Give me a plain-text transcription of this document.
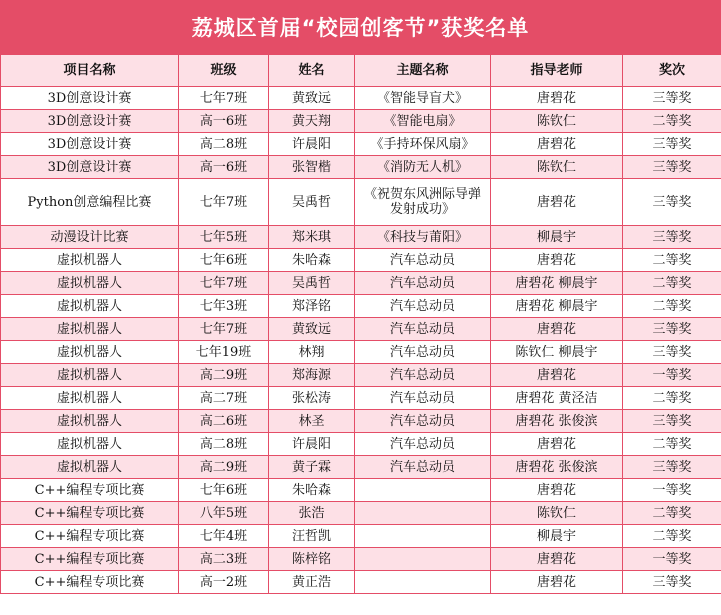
荔城区首届“校园创客节”获奖名单
项目名称	班级	姓名	主题名称	指导老师	奖次
3D创意设计赛	七年7班	黄致远	《智能导盲犬》	唐碧花	三等奖
3D创意设计赛	高一6班	黄天翔	《智能电扇》	陈钦仁	二等奖
3D创意设计赛	高二8班	许晨阳	《手持环保风扇》	唐碧花	三等奖
3D创意设计赛	高一6班	张智楷	《消防无人机》	陈钦仁	三等奖
Python创意编程比赛	七年7班	吴禹哲	《祝贺东风洲际导弹发射成功》	唐碧花	三等奖
动漫设计比赛	七年5班	郑米琪	《科技与莆阳》	柳晨宇	三等奖
虚拟机器人	七年6班	朱哈森	汽车总动员	唐碧花	二等奖
虚拟机器人	七年7班	吴禹哲	汽车总动员	唐碧花 柳晨宇	二等奖
虚拟机器人	七年3班	郑泽铭	汽车总动员	唐碧花 柳晨宇	二等奖
虚拟机器人	七年7班	黄致远	汽车总动员	唐碧花	三等奖
虚拟机器人	七年19班	林翔	汽车总动员	陈钦仁 柳晨宇	三等奖
虚拟机器人	高二9班	郑海源	汽车总动员	唐碧花	一等奖
虚拟机器人	高二7班	张松涛	汽车总动员	唐碧花 黄泾洁	二等奖
虚拟机器人	高二6班	林圣	汽车总动员	唐碧花 张俊滨	三等奖
虚拟机器人	高二8班	许晨阳	汽车总动员	唐碧花	二等奖
虚拟机器人	高二9班	黄子霖	汽车总动员	唐碧花 张俊滨	三等奖
C++编程专项比赛	七年6班	朱哈森		唐碧花	一等奖
C++编程专项比赛	八年5班	张浩		陈钦仁	二等奖
C++编程专项比赛	七年4班	汪哲凯		柳晨宇	二等奖
C++编程专项比赛	高二3班	陈梓铭		唐碧花	一等奖
C++编程专项比赛	高一2班	黄正浩		唐碧花	三等奖
